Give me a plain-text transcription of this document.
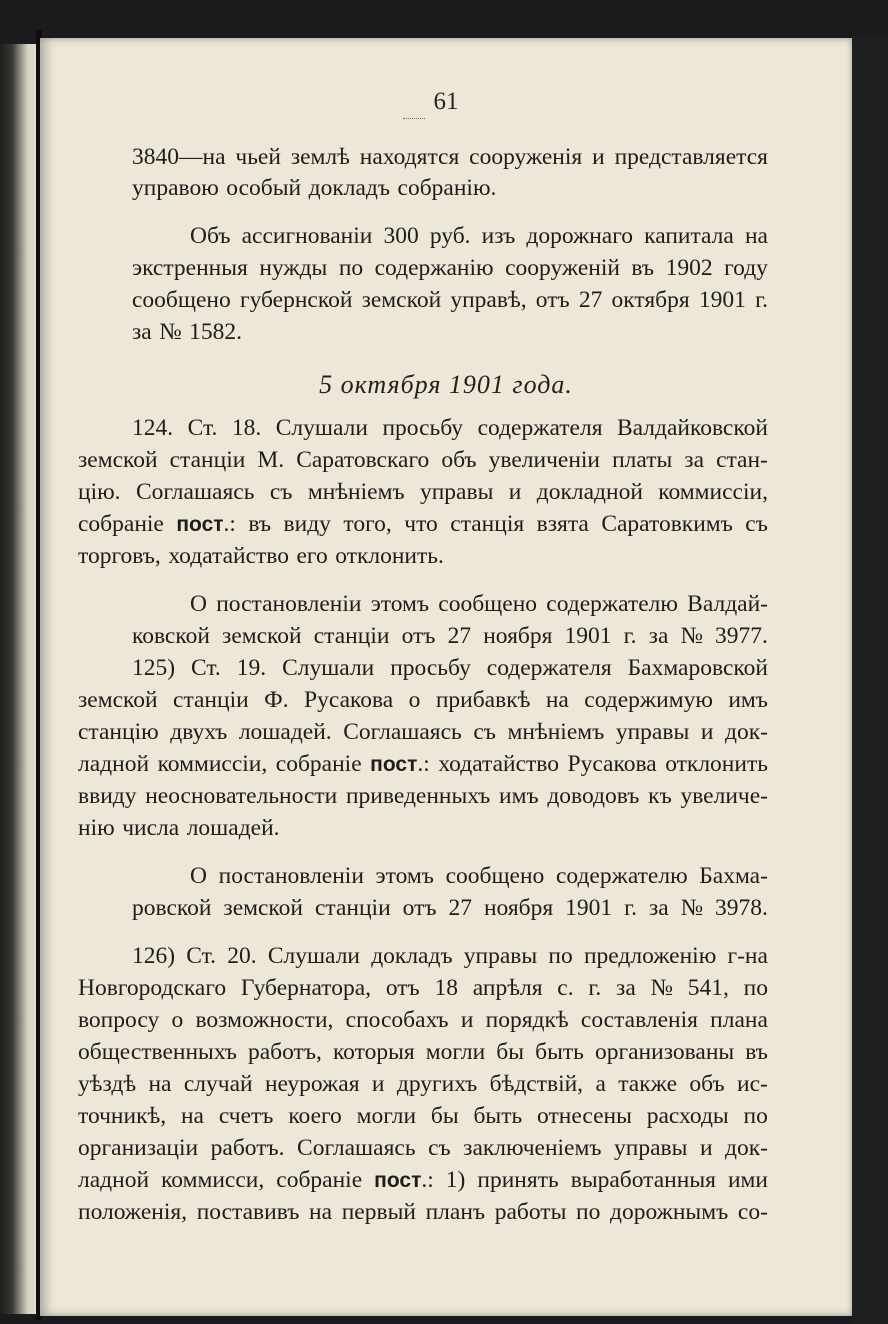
61
5 октября 1901 года.
3840—на чьей землѣ находятся сооруженія и представляется
управою особый докладъ собранію.
Объ ассигнованіи 300 руб. изъ дорожнаго капитала на
экстренныя нужды по содержанію сооруженій въ 1902 году
сообщено губернской земской управѣ, отъ 27 октября 1901 г.
за № 1582.
124. Ст. 18. Слушали просьбу содержателя Валдайковской
земской станціи М. Саратовскаго объ увеличеніи платы за стан-
цію. Соглашаясь съ мнѣніемъ управы и докладной коммиссіи,
собраніе пост.: въ виду того, что станція взята Саратовкимъ съ
торговъ, ходатайство его отклонить.
О постановленіи этомъ сообщено содержателю Валдай-
ковской земской станціи отъ 27 ноября 1901 г. за № 3977.
125) Ст. 19. Слушали просьбу содержателя Бахмаровской
земской станціи Ф. Русакова о прибавкѣ на содержимую имъ
станцію двухъ лошадей. Соглашаясь съ мнѣніемъ управы и док-
ладной коммиссіи, собраніе пост.: ходатайство Русакова отклонить
ввиду неосновательности приведенныхъ имъ доводовъ къ увеличе-
нію числа лошадей.
О постановленіи этомъ сообщено содержателю Бахма-
ровской земской станціи отъ 27 ноября 1901 г. за № 3978.
126) Ст. 20. Слушали докладъ управы по предложенію г-на
Новгородскаго Губернатора, отъ 18 апрѣля с. г. за № 541, по
вопросу о возможности, способахъ и порядкѣ составленія плана
общественныхъ работъ, которыя могли бы быть организованы въ
уѣздѣ на случай неурожая и другихъ бѣдствій, а также объ ис-
точникѣ, на счетъ коего могли бы быть отнесены расходы по
организаціи работъ. Соглашаясь съ заключеніемъ управы и док-
ладной коммисси, собраніе пост.: 1) принять выработанныя ими
положенія, поставивъ на первый планъ работы по дорожнымъ со-
